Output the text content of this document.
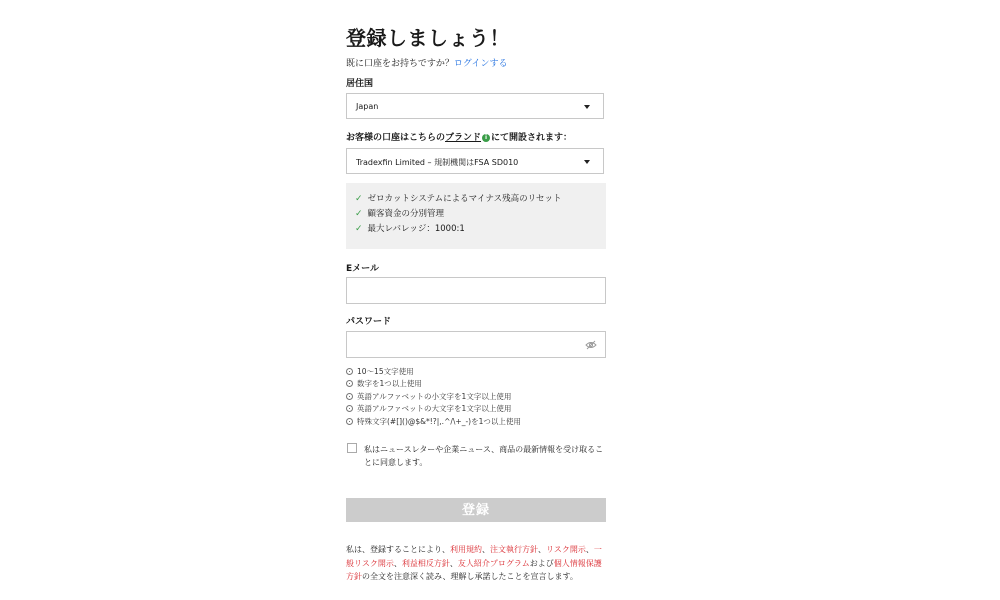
登録しましょう！
既に口座をお持ちですか？ログインする
居住国
Japan
お客様の口座はこちらのブランド i にて開設されます：
Tradexfin Limited – 規制機関はFSA SD010
✓ ゼロカットシステムによるマイナス残高のリセット
✓ 顧客資金の分別管理
✓ 最大レバレッジ：1000:1
Eメール
パスワード
10～15文字使用
数字を1つ以上使用
英語アルファベットの小文字を1文字以上使用
英語アルファベットの大文字を1文字以上使用
特殊文字(#[]()@$&*!?|,.^/\+_-)を1つ以上使用
私はニュースレターや企業ニュース、商品の最新情報を受け取ることに同意します。
登録
私は、登録することにより、利用規約、注文執行方針、リスク開示、一般リスク開示、利益相反方針、友人紹介プログラムおよび個人情報保護方針の全文を注意深く読み、理解し承諾したことを宣言します。
